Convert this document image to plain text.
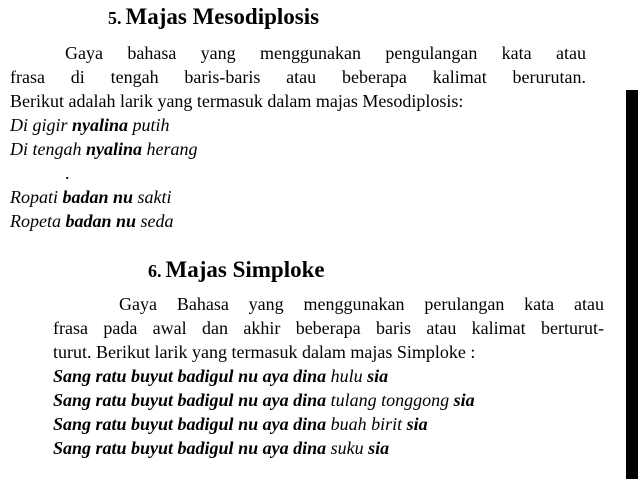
5. Majas Mesodiplosis
Gaya bahasa yang menggunakan pengulangan kata atau
frasa di tengah baris-baris atau beberapa kalimat berurutan.
Berikut adalah larik yang termasuk dalam majas Mesodiplosis:
Di gigir nyalina putih
Di tengah nyalina herang
.
Ropati badan nu sakti
Ropeta badan nu seda
6. Majas Simploke
Gaya Bahasa yang menggunakan perulangan kata atau
frasa pada awal dan akhir beberapa baris atau kalimat berturut-
turut. Berikut larik yang termasuk dalam majas Simploke :
Sang ratu buyut badigul nu aya dina hulu sia
Sang ratu buyut badigul nu aya dina tulang tonggong sia
Sang ratu buyut badigul nu aya dina buah birit sia
Sang ratu buyut badigul nu aya dina suku sia
